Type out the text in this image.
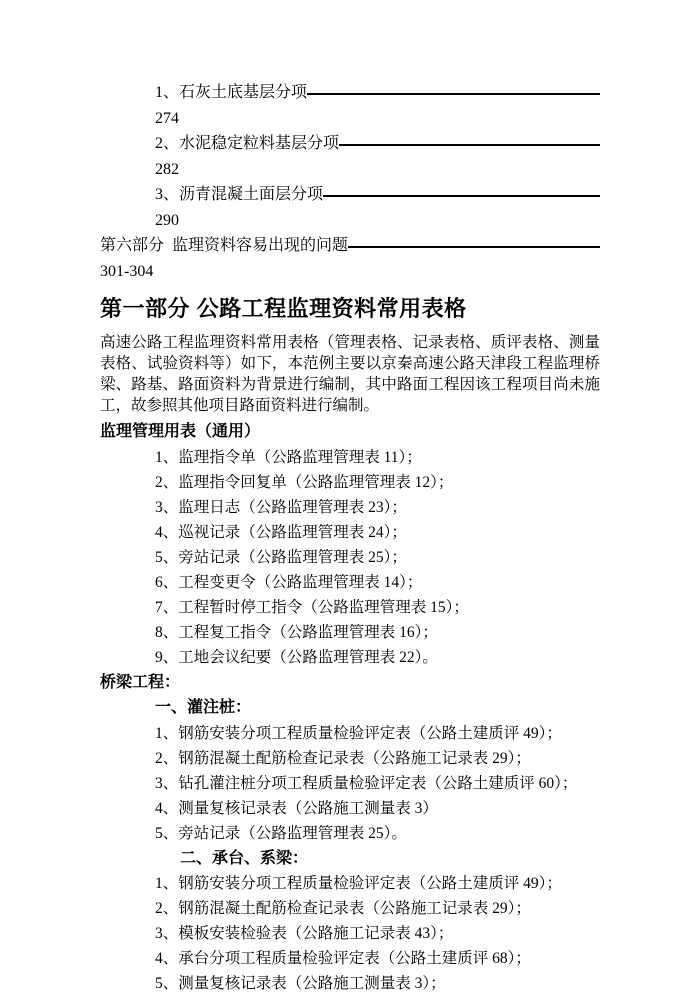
1、石灰土底基层分项
274
2、水泥稳定粒料基层分项
282
3、沥青混凝土面层分项
290
第六部分  监理资料容易出现的问题
301-304
第一部分 公路工程监理资料常用表格
高速公路工程监理资料常用表格（管理表格、记录表格、质评表格、测量表格、试验资料等）如下，本范例主要以京秦高速公路天津段工程监理桥梁、路基、路面资料为背景进行编制，其中路面工程因该工程项目尚未施工，故参照其他项目路面资料进行编制。
监理管理用表（通用）
1、监理指令单（公路监理管理表 11）；
2、监理指令回复单（公路监理管理表 12）；
3、监理日志（公路监理管理表 23）；
4、巡视记录（公路监理管理表 24）；
5、旁站记录（公路监理管理表 25）；
6、工程变更令（公路监理管理表 14）；
7、工程暂时停工指令（公路监理管理表 15）；
8、工程复工指令（公路监理管理表 16）；
9、工地会议纪要（公路监理管理表 22）。
桥梁工程：
一、灌注桩：
1、钢筋安装分项工程质量检验评定表（公路土建质评 49）；
2、钢筋混凝土配筋检查记录表（公路施工记录表 29）；
3、钻孔灌注桩分项工程质量检验评定表（公路土建质评 60）；
4、测量复核记录表（公路施工测量表 3）
5、旁站记录（公路监理管理表 25）。
二、承台、系梁：
1、钢筋安装分项工程质量检验评定表（公路土建质评 49）；
2、钢筋混凝土配筋检查记录表（公路施工记录表 29）；
3、模板安装检验表（公路施工记录表 43）；
4、承台分项工程质量检验评定表（公路土建质评 68）；
5、测量复核记录表（公路施工测量表 3）；
